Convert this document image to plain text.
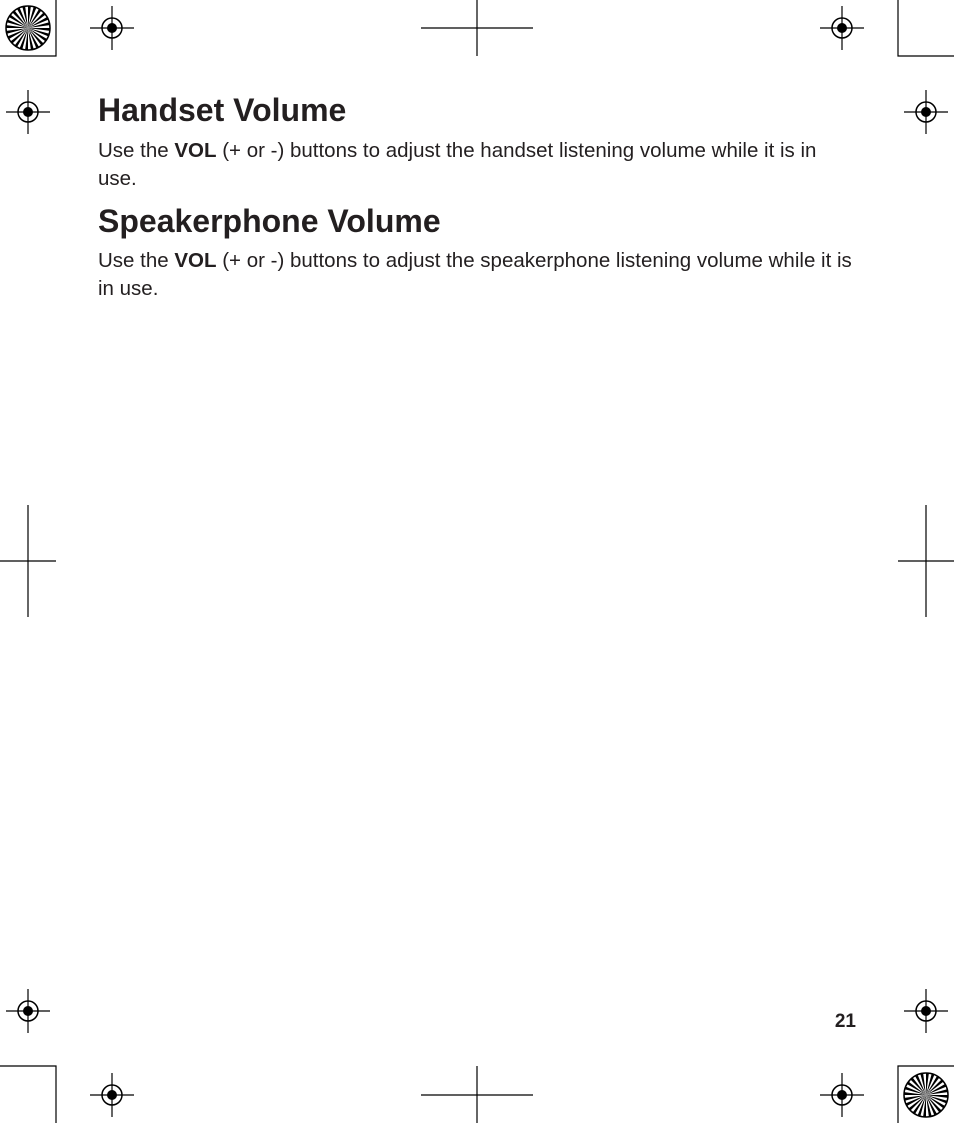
Handset Volume

Use the VOL (+ or -) buttons to adjust the handset listening volume while it is in use.

Speakerphone Volume

Use the VOL (+ or -) buttons to adjust the speakerphone listening volume while it is in use.

21
